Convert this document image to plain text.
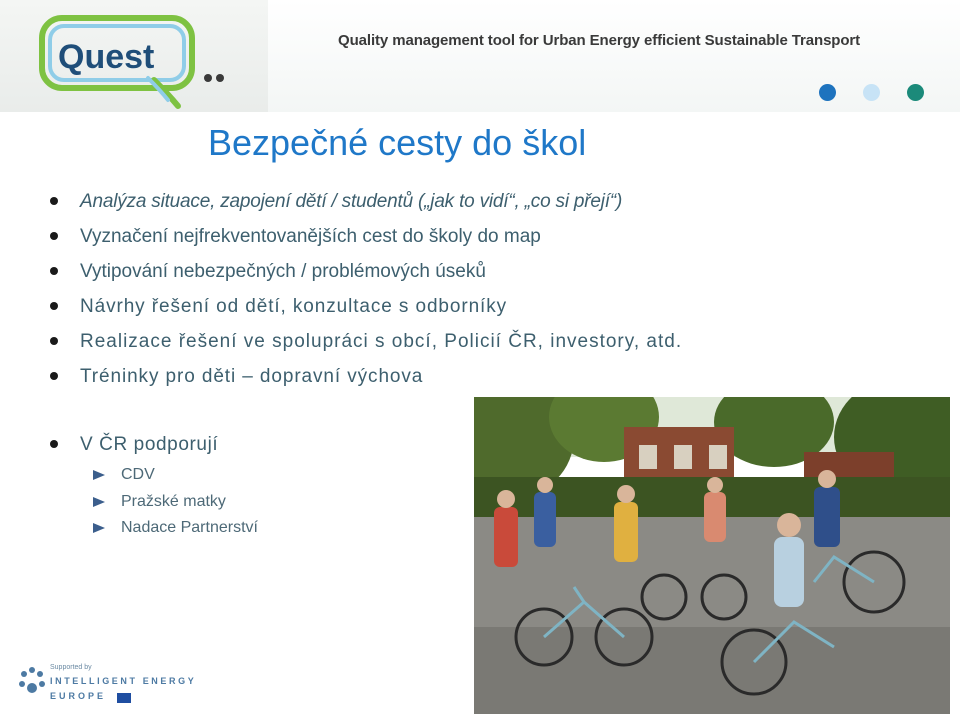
Quest	Quality management tool for Urban Energy efficient Sustainable Transport
Bezpečné cesty do škol
Analýza situace, zapojení dětí / studentů („jak to vidí“, „co si přejí“)
Vyznačení nejfrekventovanějších cest do školy do map
Vytipování nebezpečných / problémových úseků
Návrhy řešení od dětí, konzultace s odborníky
Realizace řešení ve spolupráci s obcí, Policií ČR, investory, atd.
Tréninky pro děti – dopravní výchova
V ČR podporují
CDV
Pražské matky
Nadace Partnerství
Supported by
INTELLIGENT ENERGY
EUROPE
